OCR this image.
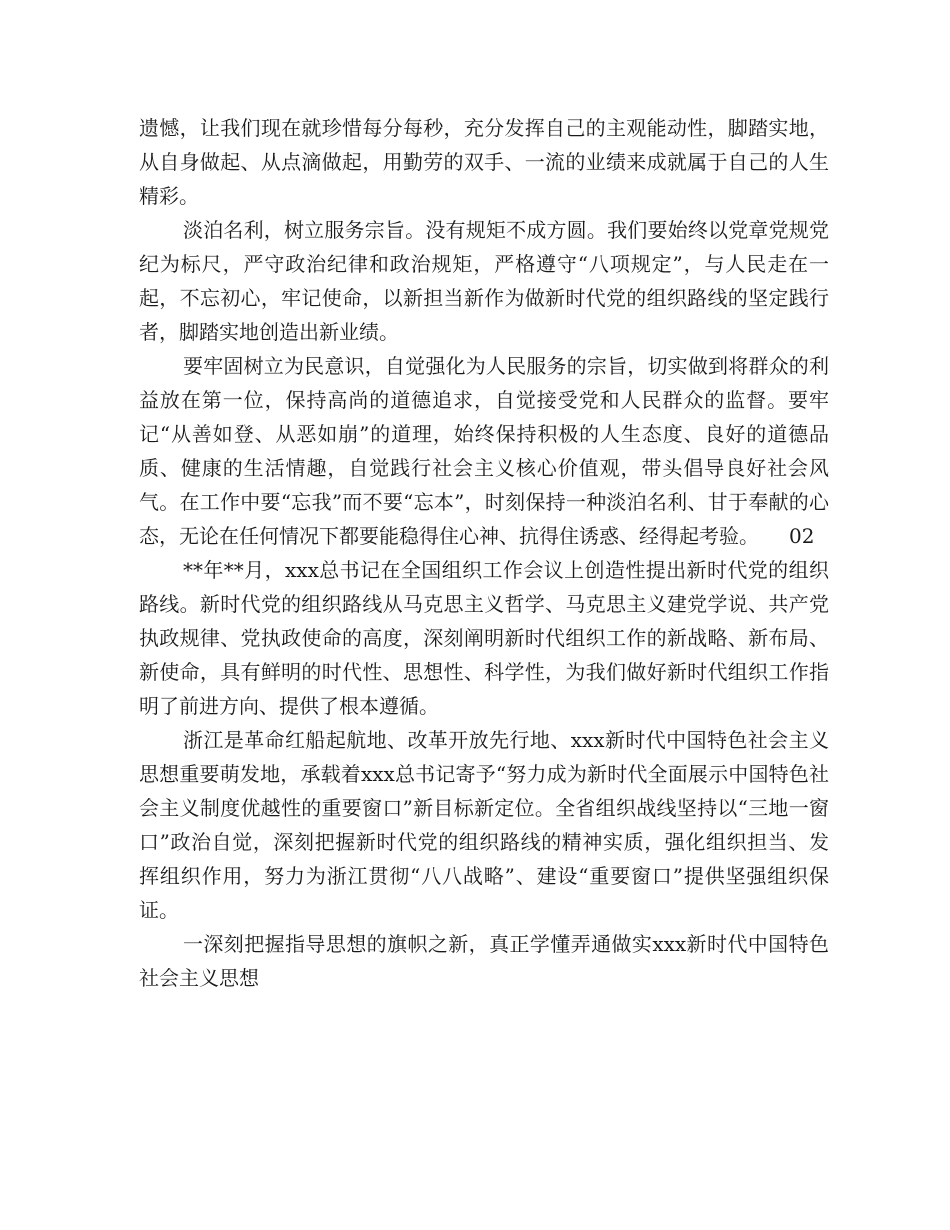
遗憾，让我们现在就珍惜每分每秒，充分发挥自己的主观能动性，脚踏实地，从自身做起、从点滴做起，用勤劳的双手、一流的业绩来成就属于自己的人生精彩。

淡泊名利，树立服务宗旨。没有规矩不成方圆。我们要始终以党章党规党纪为标尺，严守政治纪律和政治规矩，严格遵守“八项规定”，与人民走在一起，不忘初心，牢记使命，以新担当新作为做新时代党的组织路线的坚定践行者，脚踏实地创造出新业绩。

要牢固树立为民意识，自觉强化为人民服务的宗旨，切实做到将群众的利益放在第一位，保持高尚的道德追求，自觉接受党和人民群众的监督。要牢记“从善如登、从恶如崩”的道理，始终保持积极的人生态度、良好的道德品质、健康的生活情趣，自觉践行社会主义核心价值观，带头倡导良好社会风气。在工作中要“忘我”而不要“忘本”，时刻保持一种淡泊名利、甘于奉献的心态，无论在任何情况下都要能稳得住心神、抗得住诱惑、经得起考验。　　02

**年**月，xxx总书记在全国组织工作会议上创造性提出新时代党的组织路线。新时代党的组织路线从马克思主义哲学、马克思主义建党学说、共产党执政规律、党执政使命的高度，深刻阐明新时代组织工作的新战略、新布局、新使命，具有鲜明的时代性、思想性、科学性，为我们做好新时代组织工作指明了前进方向、提供了根本遵循。

浙江是革命红船起航地、改革开放先行地、xxx新时代中国特色社会主义思想重要萌发地，承载着xxx总书记寄予“努力成为新时代全面展示中国特色社会主义制度优越性的重要窗口”新目标新定位。全省组织战线坚持以“三地一窗口”政治自觉，深刻把握新时代党的组织路线的精神实质，强化组织担当、发挥组织作用，努力为浙江贯彻“八八战略”、建设“重要窗口”提供坚强组织保证。

一深刻把握指导思想的旗帜之新，真正学懂弄通做实xxx新时代中国特色社会主义思想
